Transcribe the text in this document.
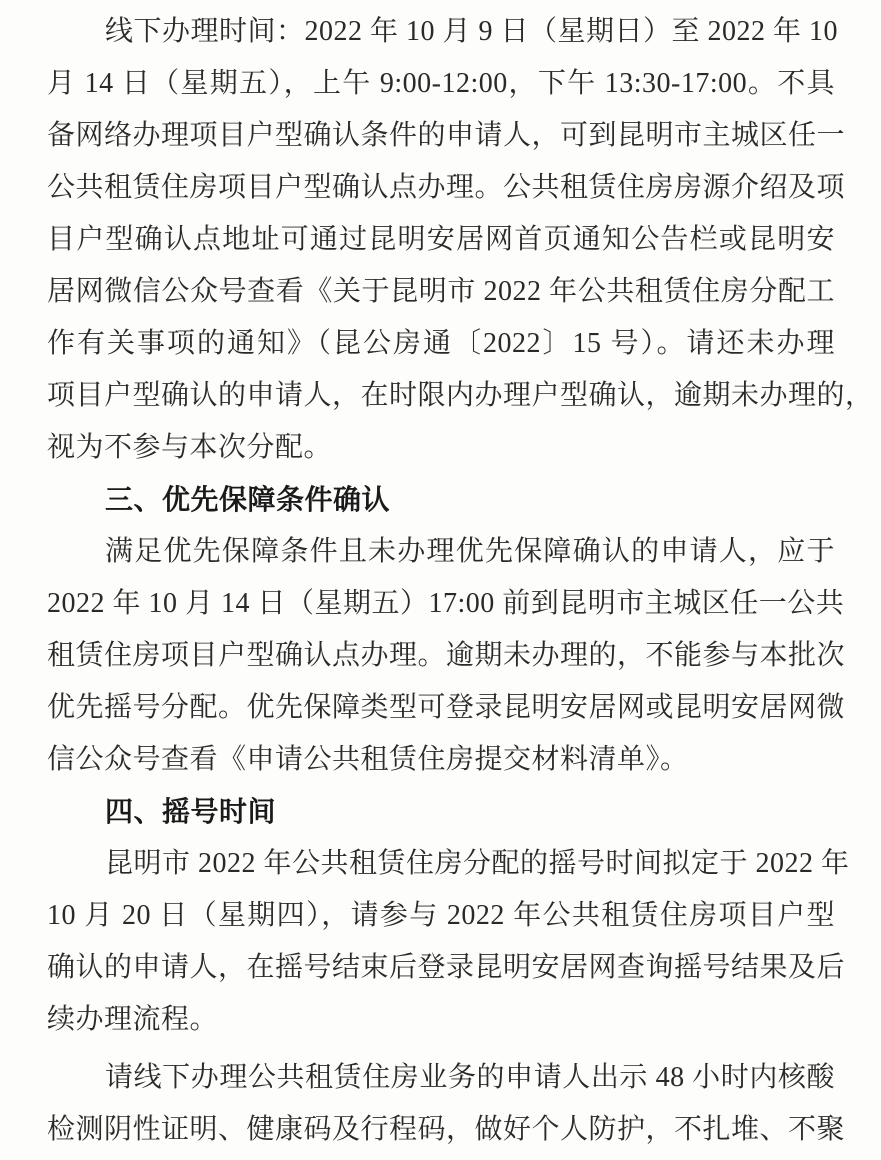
线下办理时间：2022 年 10 月 9 日（星期日）至 2022 年 10

月 14 日（星期五），上午 9:00-12:00，下午 13:30-17:00。不具

备网络办理项目户型确认条件的申请人，可到昆明市主城区任一

公共租赁住房项目户型确认点办理。公共租赁住房房源介绍及项

目户型确认点地址可通过昆明安居网首页通知公告栏或昆明安

居网微信公众号查看《关于昆明市 2022 年公共租赁住房分配工

作有关事项的通知》（昆公房通〔2022〕15 号）。请还未办理

项目户型确认的申请人，在时限内办理户型确认，逾期未办理的，

视为不参与本次分配。

三、优先保障条件确认

满足优先保障条件且未办理优先保障确认的申请人，应于

2022 年 10 月 14 日（星期五）17:00 前到昆明市主城区任一公共

租赁住房项目户型确认点办理。逾期未办理的，不能参与本批次

优先摇号分配。优先保障类型可登录昆明安居网或昆明安居网微

信公众号查看《申请公共租赁住房提交材料清单》。

四、摇号时间

昆明市 2022 年公共租赁住房分配的摇号时间拟定于 2022 年

10 月 20 日（星期四），请参与 2022 年公共租赁住房项目户型

确认的申请人，在摇号结束后登录昆明安居网查询摇号结果及后

续办理流程。

请线下办理公共租赁住房业务的申请人出示 48 小时内核酸

检测阴性证明、健康码及行程码，做好个人防护，不扎堆、不聚
